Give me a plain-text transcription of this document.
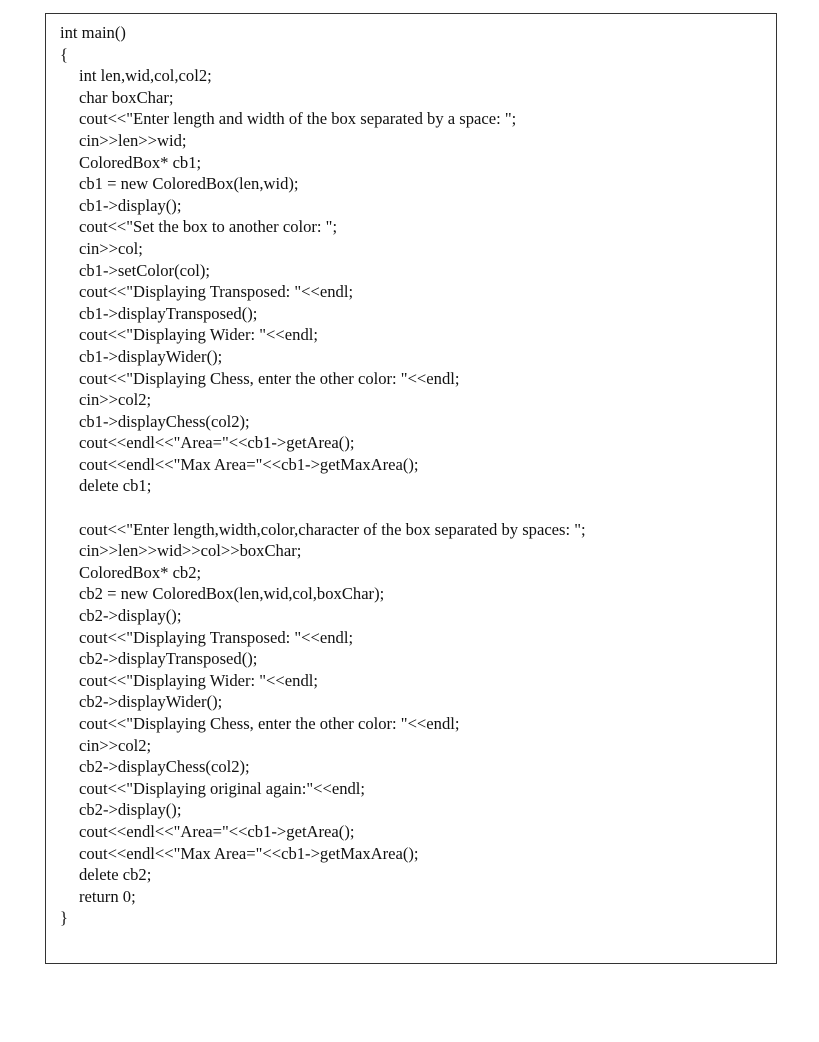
int main()
{
int len,wid,col,col2;
char boxChar;
cout<<"Enter length and width of the box separated by a space: ";
cin>>len>>wid;
ColoredBox* cb1;
cb1 = new ColoredBox(len,wid);
cb1->display();
cout<<"Set the box to another color: ";
cin>>col;
cb1->setColor(col);
cout<<"Displaying Transposed: "<<endl;
cb1->displayTransposed();
cout<<"Displaying Wider: "<<endl;
cb1->displayWider();
cout<<"Displaying Chess, enter the other color: "<<endl;
cin>>col2;
cb1->displayChess(col2);
cout<<endl<<"Area="<<cb1->getArea();
cout<<endl<<"Max Area="<<cb1->getMaxArea();
delete cb1;
cout<<"Enter length,width,color,character of the box separated by spaces: ";
cin>>len>>wid>>col>>boxChar;
ColoredBox* cb2;
cb2 = new ColoredBox(len,wid,col,boxChar);
cb2->display();
cout<<"Displaying Transposed: "<<endl;
cb2->displayTransposed();
cout<<"Displaying Wider: "<<endl;
cb2->displayWider();
cout<<"Displaying Chess, enter the other color: "<<endl;
cin>>col2;
cb2->displayChess(col2);
cout<<"Displaying original again:"<<endl;
cb2->display();
cout<<endl<<"Area="<<cb1->getArea();
cout<<endl<<"Max Area="<<cb1->getMaxArea();
delete cb2;
return 0;
}
